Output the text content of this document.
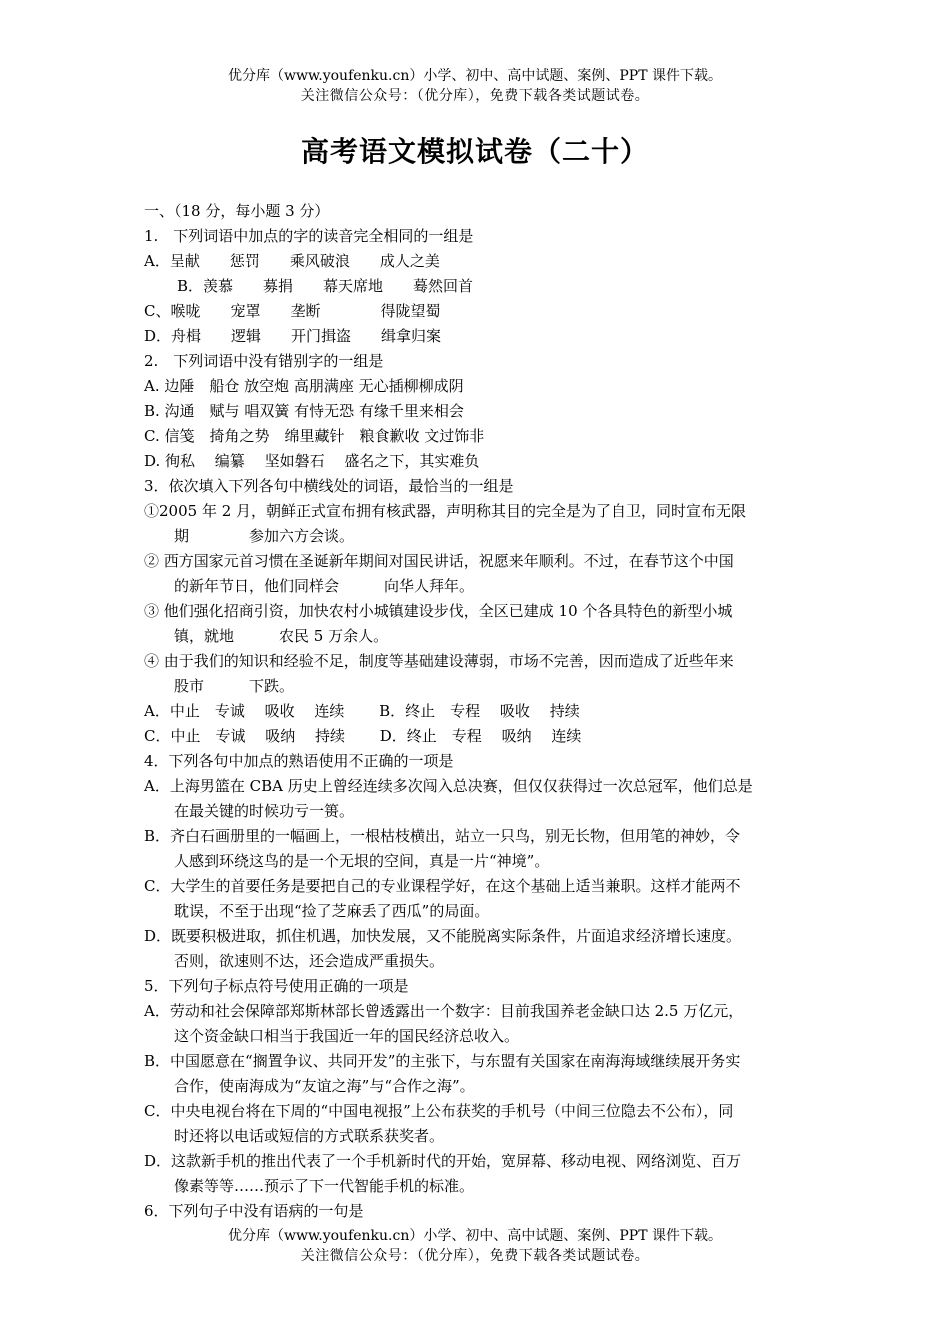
优分库（www.youfenku.cn）小学、初中、高中试题、案例、PPT 课件下载。
关注微信公众号：（优分库），免费下载各类试题试卷。
高考语文模拟试卷（二十）
一、（18 分，每小题 3 分）
1.　下列词语中加点的字的读音完全相同的一组是
A．呈献　　惩罚　　乘风破浪　　成人之美
B．羡慕　　募捐　　幕天席地　　蓦然回首
C、喉咙　　宠罩　　垄断　　　　得陇望蜀
D．舟楫　　逻辑　　开门揖盗　　缉拿归案
2.　下列词语中没有错别字的一组是
A. 边陲　船仓 放空炮 高朋满座 无心插柳柳成阴
B. 沟通　赋与 唱双簧 有恃无恐 有缘千里来相会
C. 信笺　掎角之势　绵里藏针　粮食歉收 文过饰非
D. 徇私　 编纂　 坚如磐石　 盛名之下，其实难负
3．依次填入下列各句中横线处的词语，最恰当的一组是
①2005 年 2 月，朝鲜正式宣布拥有核武器，声明称其目的完全是为了自卫，同时宣布无限
期　　　　参加六方会谈。
② 西方国家元首习惯在圣诞新年期间对国民讲话，祝愿来年顺利。不过，在春节这个中国
的新年节日，他们同样会　　　向华人拜年。
③ 他们强化招商引资，加快农村小城镇建设步伐，全区已建成 10 个各具特色的新型小城
镇，就地　　　农民 5 万余人。
④ 由于我们的知识和经验不足，制度等基础建设薄弱，市场不完善，因而造成了近些年来
股市　　　下跌。
A．中止　专诚　 吸收　 连续　　 B．终止　专程　 吸收　 持续
C．中止　专诚　 吸纳　 持续　　 D．终止　专程　 吸纳　 连续
4．下列各句中加点的熟语使用不正确的一项是
A．上海男篮在 CBA 历史上曾经连续多次闯入总决赛，但仅仅获得过一次总冠军，他们总是
在最关键的时候功亏一篑。
B．齐白石画册里的一幅画上，一根枯枝横出，站立一只鸟，别无长物，但用笔的神妙，令
人感到环绕这鸟的是一个无垠的空间，真是一片“神境”。
C．大学生的首要任务是要把自己的专业课程学好，在这个基础上适当兼职。这样才能两不
耽误，不至于出现“捡了芝麻丢了西瓜”的局面。
D．既要积极进取，抓住机遇，加快发展，又不能脱离实际条件，片面追求经济增长速度。
否则，欲速则不达，还会造成严重损失。
5．下列句子标点符号使用正确的一项是
A．劳动和社会保障部郑斯林部长曾透露出一个数字：目前我国养老金缺口达 2.5 万亿元，
这个资金缺口相当于我国近一年的国民经济总收入。
B．中国愿意在“搁置争议、共同开发”的主张下，与东盟有关国家在南海海域继续展开务实
合作，使南海成为“友谊之海”与“合作之海”。
C．中央电视台将在下周的“中国电视报”上公布获奖的手机号（中间三位隐去不公布），同
时还将以电话或短信的方式联系获奖者。
D．这款新手机的推出代表了一个手机新时代的开始，宽屏幕、移动电视、网络浏览、百万
像素等等……预示了下一代智能手机的标准。
6．下列句子中没有语病的一句是
优分库（www.youfenku.cn）小学、初中、高中试题、案例、PPT 课件下载。
关注微信公众号：（优分库），免费下载各类试题试卷。
